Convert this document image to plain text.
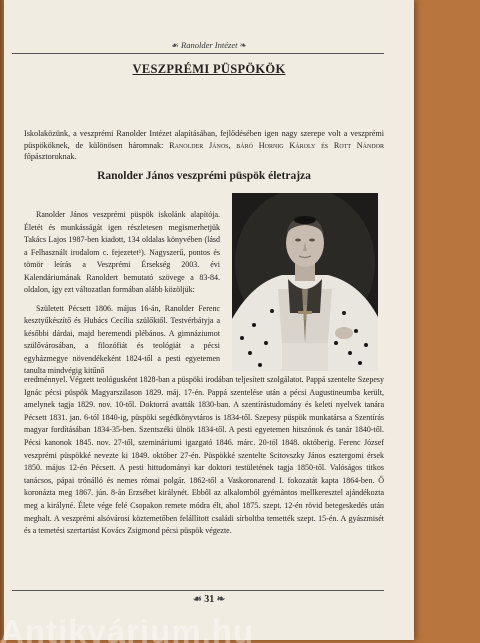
☙ Ranolder Intézet ❧
VESZPRÉMI PÜSPÖKÖK
Iskolaközünk, a veszprémi Ranolder Intézet alapításában, fejlődésében igen nagy szerepe volt a veszprémi püspököknek, de különösen háromnak: Ranolder János, báró Hornig Károly és Rott Nándor főpásztoroknak.
Ranolder János veszprémi püspök életrajza

Ranolder János veszprémi püspök iskolánk alapítója. Életét és munkásságát igen részletesen megismerhetjük Takács Lajos 1987-ben kiadott, 134 oldalas könyvében (lásd a Felhasznált irodalom c. fejezetet¹). Nagyszerű, pontos és tömör leírás a Veszprémi Érsekség 2003. évi Kalendáriumának Ranoldert bemutató szövege a 83-84. oldalon, így ezt változatlan formában alább közöljük:

Született Pécsett 1806. május 16-án, Ranolder Ferenc kesztyűkészítő és Hubács Cecília szülőktől. Testvérbátyja a későbbi dárdai, majd beremendi plébános. A gimnáziumot szülővárosában, a filozófiát és teológiát a pécsi egyházmegye növendékeként 1824-től a pesti egyetemen tanulta mindvégig kitűnő

eredménnyel. Végzett teológusként 1828-ban a püspöki irodában teljesített szolgálatot. Pappá szentelte Szepesy Ignác pécsi püspök Magyarszilason 1829. máj. 17-én. Pappá szentelése után a pécsi Augustineumba került, amelynek tagja 1829. nov. 10-től. Doktorrá avatták 1830-ban. A szentírástudomány és keleti nyelvek tanára Pécsett 1831. jan. 6-tól 1840-ig, püspöki segédkönyvtáros is 1834-től. Szepesy püspök munkatársa a Szentírás magyar fordításában 1834-35-ben. Szentszéki ülnök 1834-től. A pesti egyetemen hitszónok és tanár 1840-től. Pécsi kanonok 1845. nov. 27-től, szemináriumi igazgató 1846. márc. 20-tól 1848. októberig. Ferenc József veszprémi püspökké nevezte ki 1849. október 27-én. Püspökké szentelte Scitovszky János esztergomi érsek 1850. május 12-én Pécsett. A pesti hittudományi kar doktori testületének tagja 1850-től. Valóságos titkos tanácsos, pápai trónálló és nemes római polgár. 1862-től a Vaskoronarend I. fokozatát kapta 1864-ben. Ő koronázta meg 1867. jún. 8-án Erzsébet királynét. Ebből az alkalomból gyémántos mellkeresztel ajándékozta meg a királyné. Élete vége felé Csopakon remete módra élt, ahol 1875. szept. 12-én rövid betegeskedés után meghalt. A veszprémi alsóvárosi köztemetőben felállított családi sírboltba temették szept. 15-én. A gyászmisét és a temetési szertartást Kovács Zsigmond pécsi püspök végezte.

☙ 31 ❧
Antikvárium.hu
